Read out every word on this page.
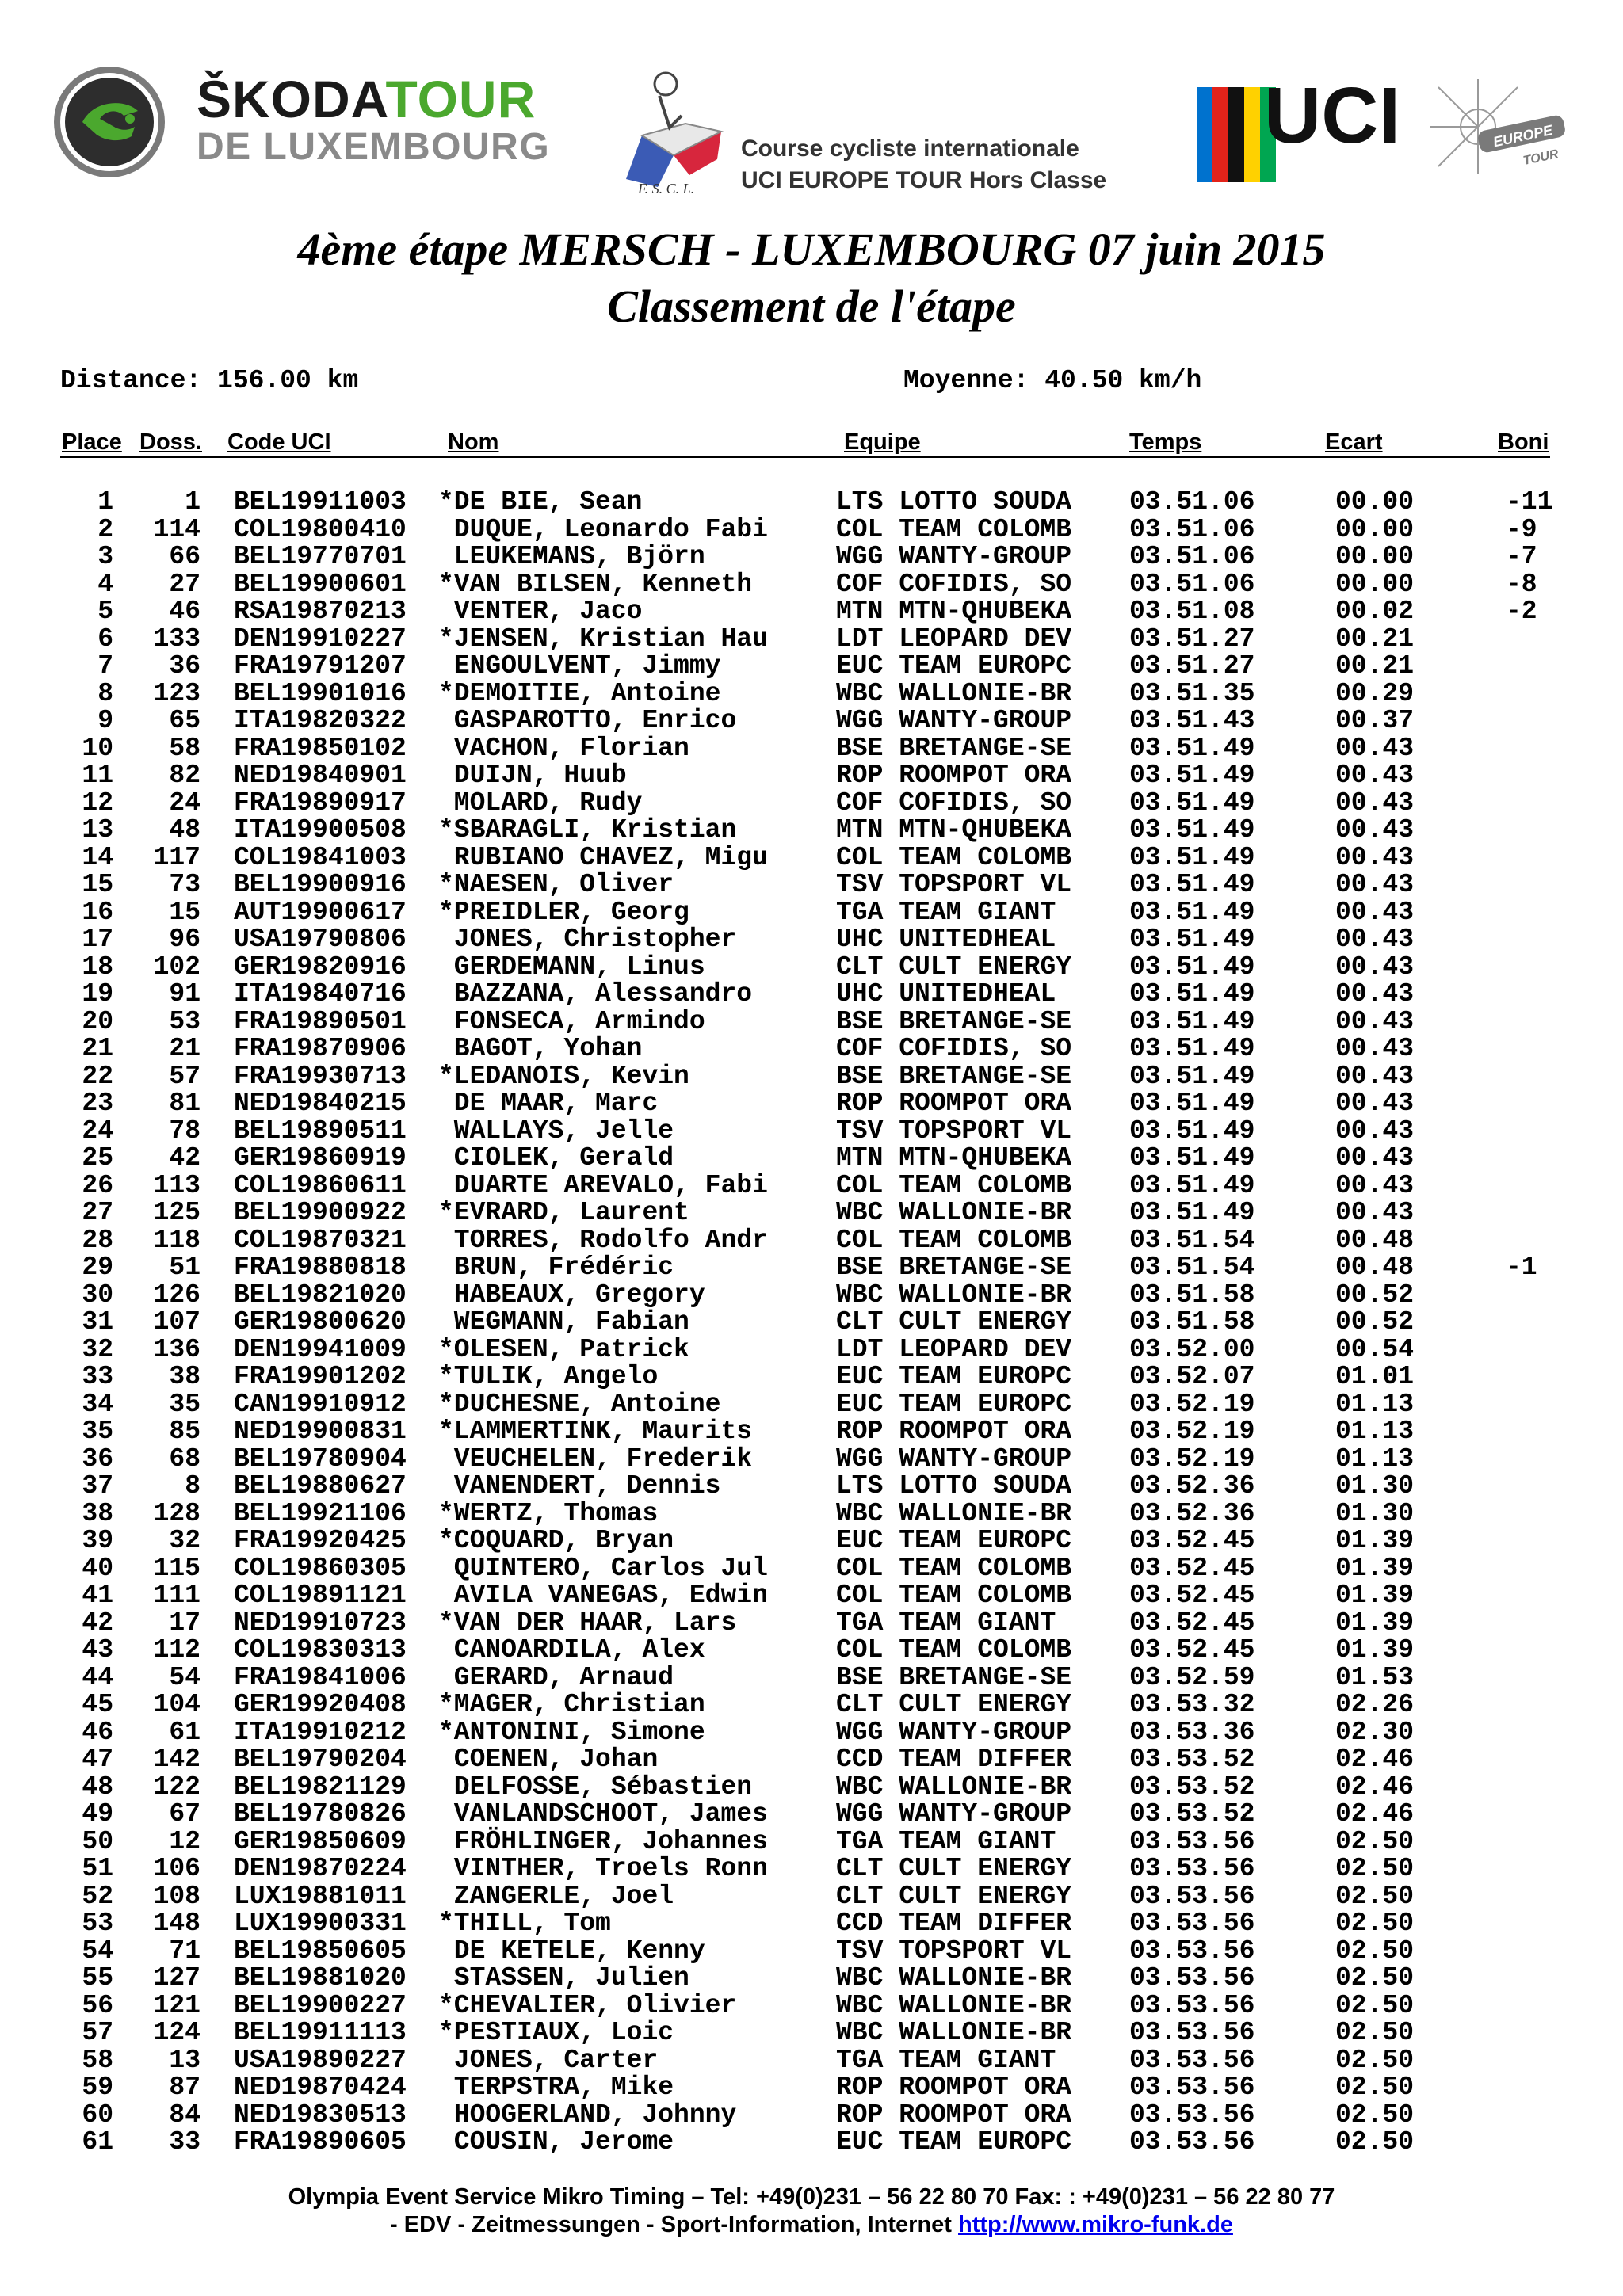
ŠKODATOUR
DE LUXEMBOURG
F. S. C. L.
Course cycliste internationale
UCI EUROPE TOUR Hors Classe
UCI	EUROPE
TOUR
4ème étape MERSCH - LUXEMBOURG 07 juin 2015
Classement de l'étape
Distance: 156.00 km	Moyenne: 40.50 km/h
Place Doss. Code UCI	Nom	Equipe	Temps	Ecart	Boni
1	1 BEL19911003 *DE BIE, Sean	LTS LOTTO SOUDA 03.51.06	00.00	-11
2 114 COL19800410 DUQUE, Leonardo Fabi	COL TEAM COLOMB 03.51.06	00.00	-9
3 66 BEL19770701 LEUKEMANS, Björn	WGG WANTY-GROUP 03.51.06	00.00	-7
4 27 BEL19900601 *VAN BILSEN, Kenneth	COF COFIDIS, SO 03.51.06	00.00	-8
5 46 RSA19870213 VENTER, Jaco	MTN MTN-QHUBEKA 03.51.08	00.02	-2
6 133 DEN19910227 *JENSEN, Kristian Hau	LDT LEOPARD DEV 03.51.27	00.21
7 36 FRA19791207 ENGOULVENT, Jimmy	EUC TEAM EUROPC 03.51.27	00.21
8 123 BEL19901016 *DEMOITIE, Antoine	WBC WALLONIE-BR 03.51.35	00.29
9 65 ITA19820322 GASPAROTTO, Enrico	WGG WANTY-GROUP 03.51.43	00.37
10 58 FRA19850102 VACHON, Florian	BSE BRETANGE-SE 03.51.49	00.43
11 82 NED19840901 DUIJN, Huub	ROP ROOMPOT ORA 03.51.49	00.43
12 24 FRA19890917 MOLARD, Rudy	COF COFIDIS, SO 03.51.49	00.43
13 48 ITA19900508 *SBARAGLI, Kristian	MTN MTN-QHUBEKA 03.51.49	00.43
14 117 COL19841003 RUBIANO CHAVEZ, Migu	COL TEAM COLOMB 03.51.49	00.43
15 73 BEL19900916 *NAESEN, Oliver	TSV TOPSPORT VL 03.51.49	00.43
16 15 AUT19900617 *PREIDLER, Georg	TGA TEAM GIANT	03.51.49	00.43
17 96 USA19790806 JONES, Christopher	UHC UNITEDHEAL	03.51.49	00.43
18 102 GER19820916 GERDEMANN, Linus	CLT CULT ENERGY 03.51.49	00.43
19 91 ITA19840716 BAZZANA, Alessandro	UHC UNITEDHEAL	03.51.49	00.43
20 53 FRA19890501 FONSECA, Armindo	BSE BRETANGE-SE 03.51.49	00.43
21 21 FRA19870906 BAGOT, Yohan	COF COFIDIS, SO 03.51.49	00.43
22 57 FRA19930713 *LEDANOIS, Kevin	BSE BRETANGE-SE 03.51.49	00.43
23 81 NED19840215 DE MAAR, Marc	ROP ROOMPOT ORA 03.51.49	00.43
24 78 BEL19890511 WALLAYS, Jelle	TSV TOPSPORT VL 03.51.49	00.43
25 42 GER19860919 CIOLEK, Gerald	MTN MTN-QHUBEKA 03.51.49	00.43
26 113 COL19860611 DUARTE AREVALO, Fabi	COL TEAM COLOMB 03.51.49	00.43
27 125 BEL19900922 *EVRARD, Laurent	WBC WALLONIE-BR 03.51.49	00.43
28 118 COL19870321 TORRES, Rodolfo Andr	COL TEAM COLOMB 03.51.54	00.48
29 51 FRA19880818 BRUN, Frédéric	BSE BRETANGE-SE 03.51.54	00.48	-1
30 126 BEL19821020 HABEAUX, Gregory	WBC WALLONIE-BR 03.51.58	00.52
31 107 GER19800620 WEGMANN, Fabian	CLT CULT ENERGY 03.51.58	00.52
32 136 DEN19941009 *OLESEN, Patrick	LDT LEOPARD DEV 03.52.00	00.54
33 38 FRA19901202 *TULIK, Angelo	EUC TEAM EUROPC 03.52.07	01.01
34 35 CAN19910912 *DUCHESNE, Antoine	EUC TEAM EUROPC 03.52.19	01.13
35 85 NED19900831 *LAMMERTINK, Maurits	ROP ROOMPOT ORA 03.52.19	01.13
36 68 BEL19780904 VEUCHELEN, Frederik	WGG WANTY-GROUP 03.52.19	01.13
37	8 BEL19880627 VANENDERT, Dennis	LTS LOTTO SOUDA 03.52.36	01.30
38 128 BEL19921106 *WERTZ, Thomas	WBC WALLONIE-BR 03.52.36	01.30
39 32 FRA19920425 *COQUARD, Bryan	EUC TEAM EUROPC 03.52.45	01.39
40 115 COL19860305 QUINTERO, Carlos Jul	COL TEAM COLOMB 03.52.45	01.39
41 111 COL19891121 AVILA VANEGAS, Edwin	COL TEAM COLOMB 03.52.45	01.39
42 17 NED19910723 *VAN DER HAAR, Lars	TGA TEAM GIANT	03.52.45	01.39
43 112 COL19830313 CANOARDILA, Alex	COL TEAM COLOMB 03.52.45	01.39
44 54 FRA19841006 GERARD, Arnaud	BSE BRETANGE-SE 03.52.59	01.53
45 104 GER19920408 *MAGER, Christian	CLT CULT ENERGY 03.53.32	02.26
46 61 ITA19910212 *ANTONINI, Simone	WGG WANTY-GROUP 03.53.36	02.30
47 142 BEL19790204 COENEN, Johan	CCD TEAM DIFFER 03.53.52	02.46
48 122 BEL19821129 DELFOSSE, Sébastien	WBC WALLONIE-BR 03.53.52	02.46
49 67 BEL19780826 VANLANDSCHOOT, James	WGG WANTY-GROUP 03.53.52	02.46
50 12 GER19850609 FRÖHLINGER, Johannes	TGA TEAM GIANT	03.53.56	02.50
51 106 DEN19870224 VINTHER, Troels Ronn	CLT CULT ENERGY 03.53.56	02.50
52 108 LUX19881011 ZANGERLE, Joel	CLT CULT ENERGY 03.53.56	02.50
53 148 LUX19900331 *THILL, Tom	CCD TEAM DIFFER 03.53.56	02.50
54 71 BEL19850605 DE KETELE, Kenny	TSV TOPSPORT VL 03.53.56	02.50
55 127 BEL19881020 STASSEN, Julien	WBC WALLONIE-BR 03.53.56	02.50
56 121 BEL19900227 *CHEVALIER, Olivier	WBC WALLONIE-BR 03.53.56	02.50
57 124 BEL19911113 *PESTIAUX, Loic	WBC WALLONIE-BR 03.53.56	02.50
58 13 USA19890227 JONES, Carter	TGA TEAM GIANT	03.53.56	02.50
59 87 NED19870424 TERPSTRA, Mike	ROP ROOMPOT ORA 03.53.56	02.50
60 84 NED19830513 HOOGERLAND, Johnny	ROP ROOMPOT ORA 03.53.56	02.50
61 33 FRA19890605 COUSIN, Jerome	EUC TEAM EUROPC 03.53.56	02.50
Olympia Event Service Mikro Timing – Tel: +49(0)231 – 56 22 80 70 Fax: : +49(0)231 – 56 22 80 77
- EDV - Zeitmessungen - Sport-Information, Internet http://www.mikro-funk.de
